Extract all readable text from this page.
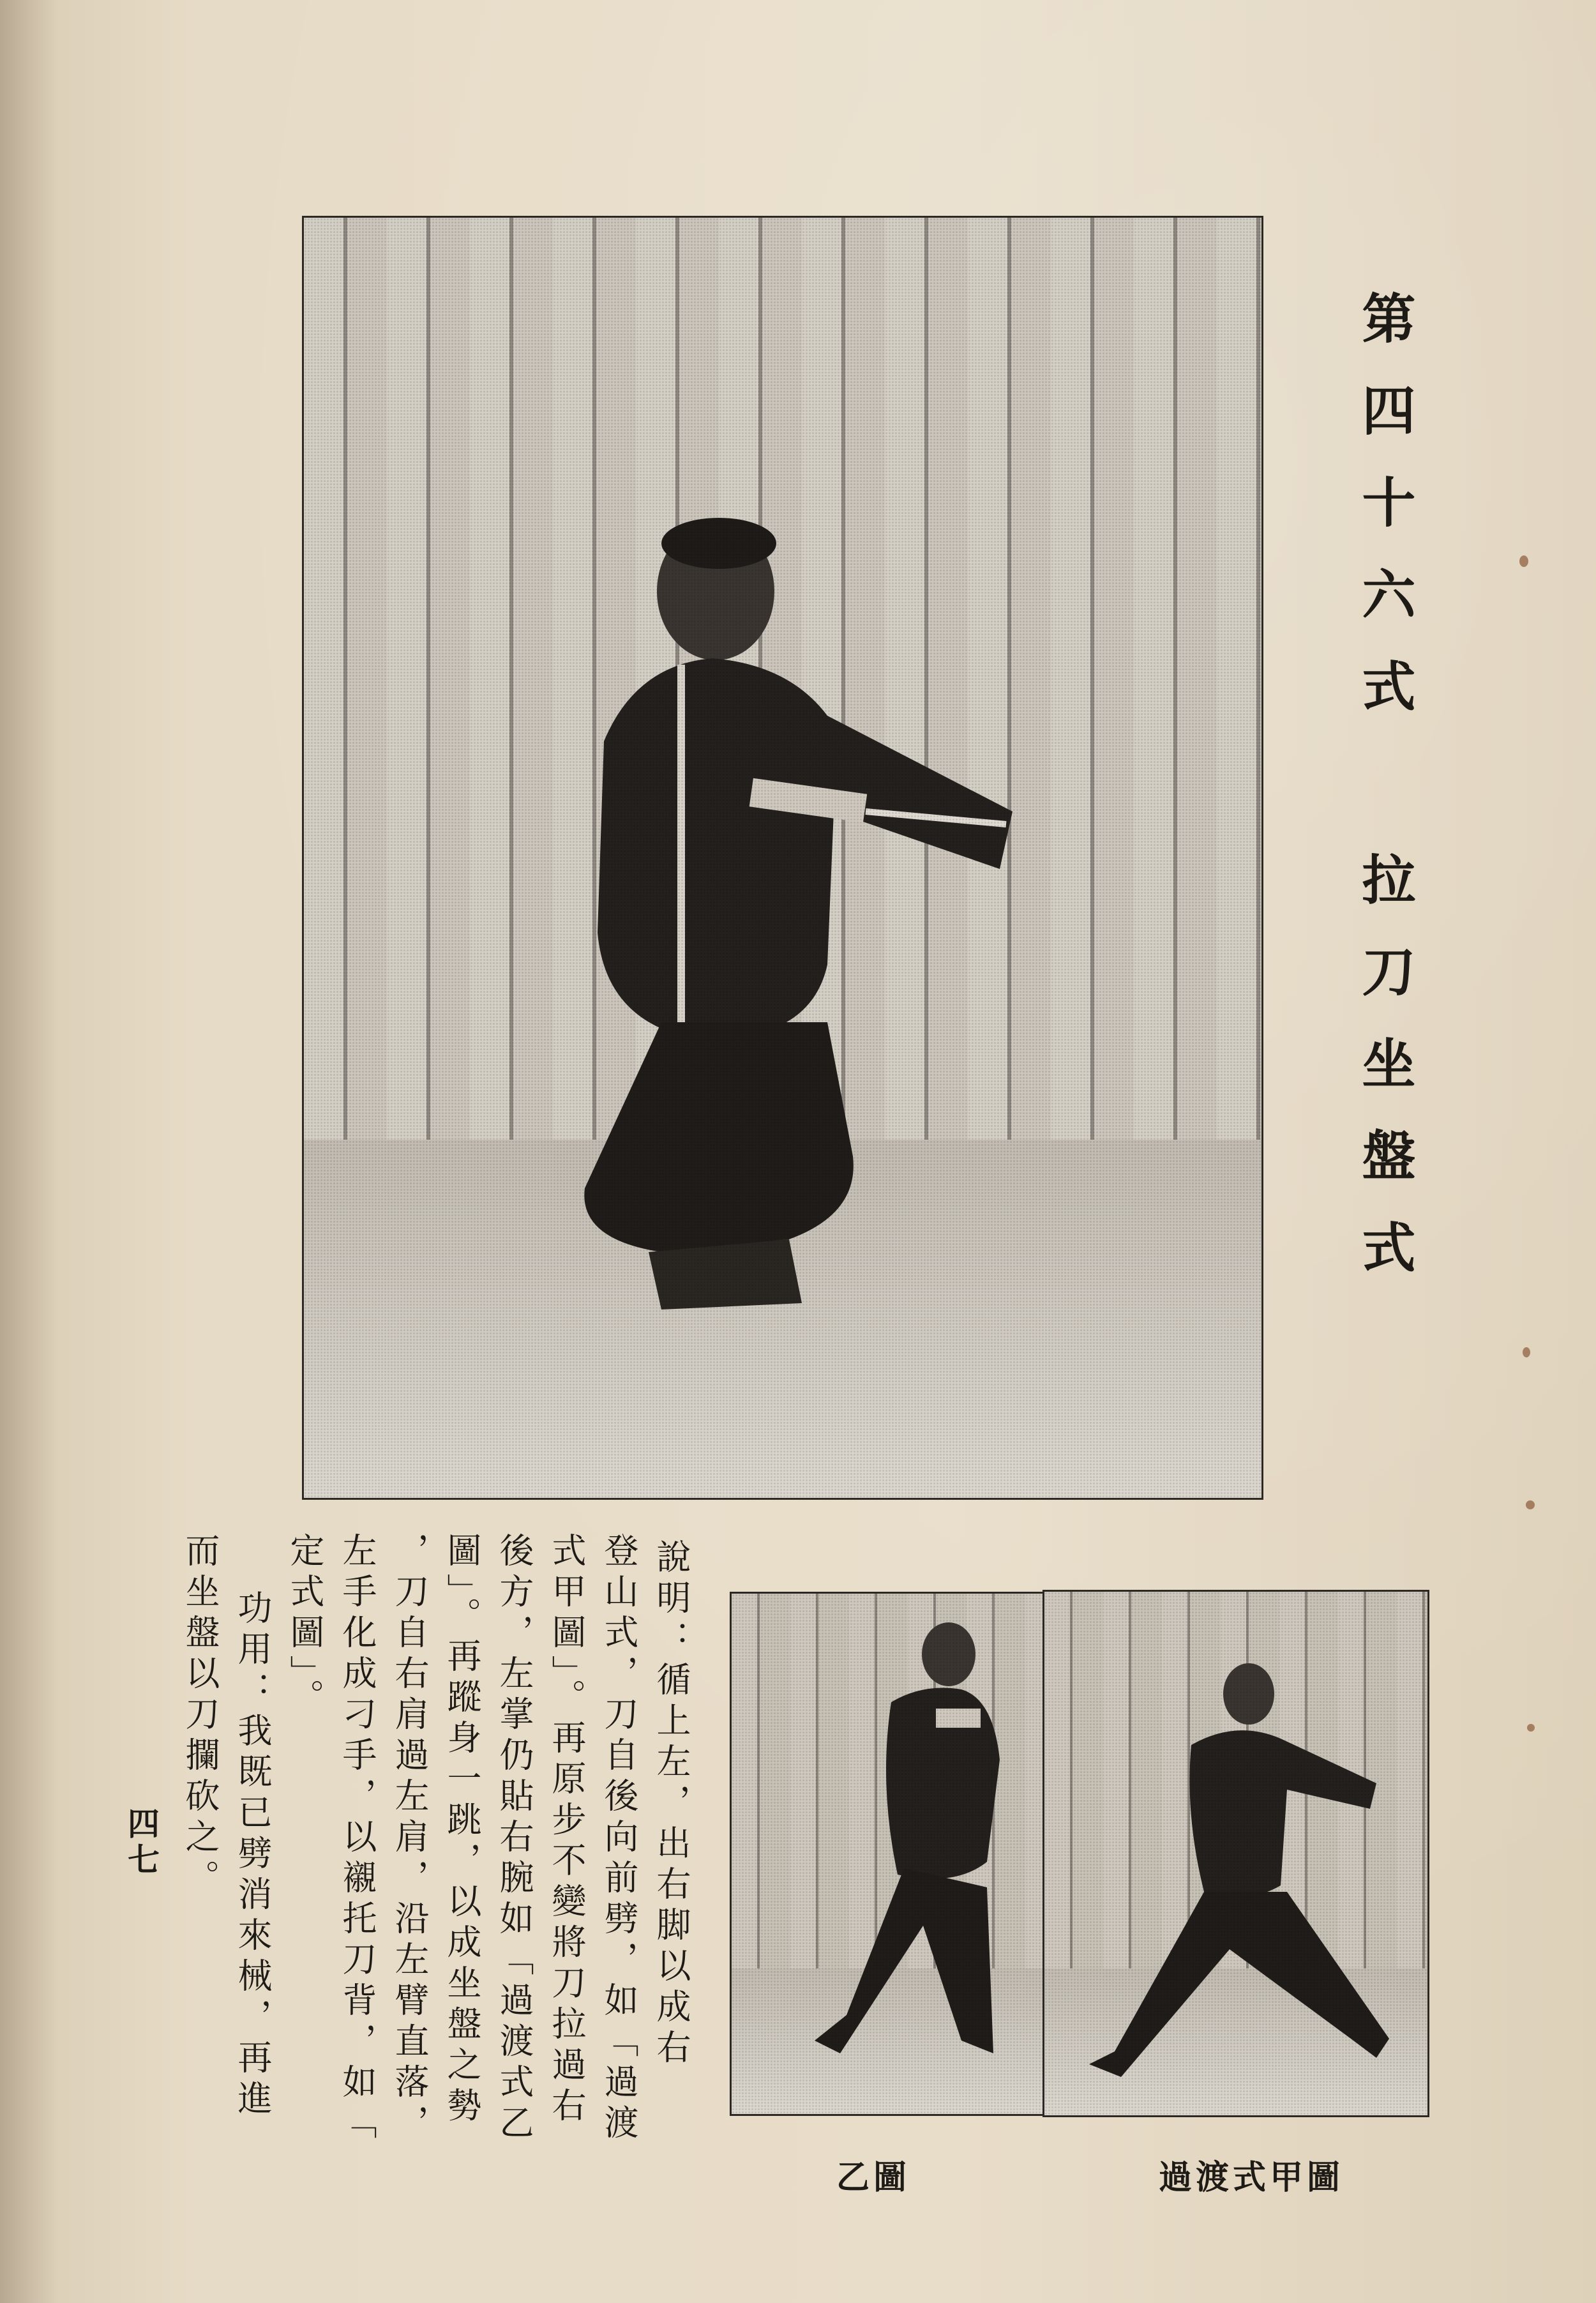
第四十六式 拉刀坐盤式
說明：循上左，出右脚以成右
登山式，刀自後向前劈，如「過渡
式甲圖」。再原步不變將刀拉過右
後方，左掌仍貼右腕如「過渡式乙
圖」。再蹤身一跳，以成坐盤之勢
，刀自右肩過左肩，沿左臂直落，
左手化成刁手，以襯托刀背，如「
定式圖」。
功用：我既已劈消來械，再進
而坐盤以刀攔砍之。
四七
乙圖	過渡式甲圖
